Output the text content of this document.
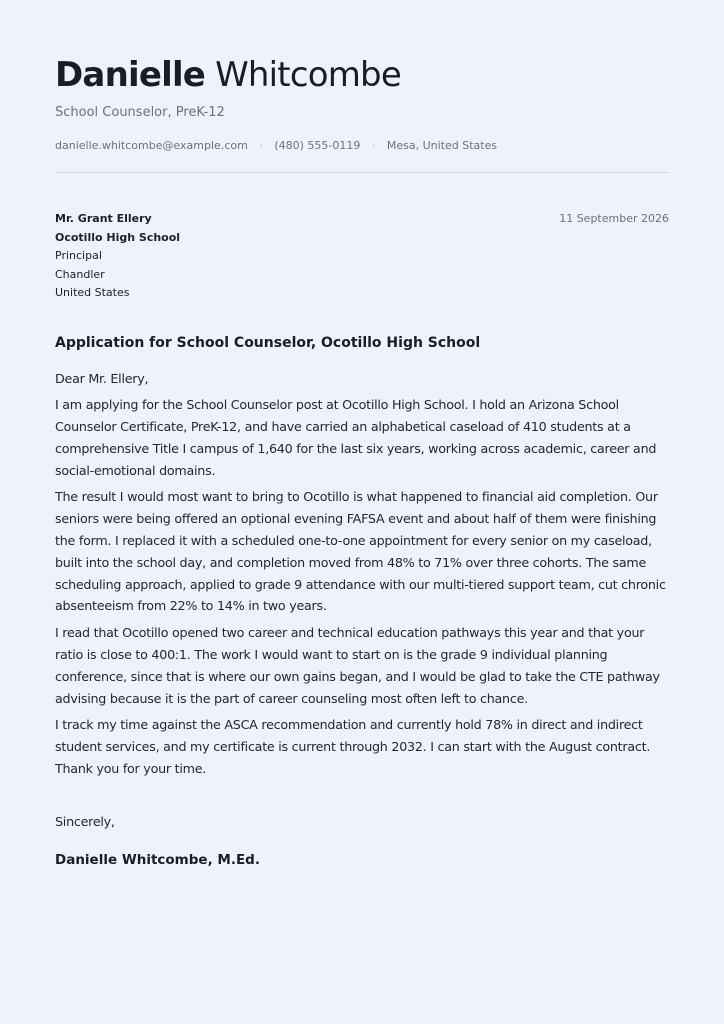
Danielle Whitcombe
School Counselor, PreK-12
danielle.whitcombe@example.com · (480) 555-0119 · Mesa, United States
Mr. Grant Ellery
Ocotillo High School
Principal
Chandler
United States
11 September 2026
Application for School Counselor, Ocotillo High School
Dear Mr. Ellery,
I am applying for the School Counselor post at Ocotillo High School. I hold an Arizona School Counselor Certificate, PreK-12, and have carried an alphabetical caseload of 410 students at a comprehensive Title I campus of 1,640 for the last six years, working across academic, career and social-emotional domains.
The result I would most want to bring to Ocotillo is what happened to financial aid completion. Our seniors were being offered an optional evening FAFSA event and about half of them were finishing the form. I replaced it with a scheduled one-to-one appointment for every senior on my caseload, built into the school day, and completion moved from 48% to 71% over three cohorts. The same scheduling approach, applied to grade 9 attendance with our multi-tiered support team, cut chronic absenteeism from 22% to 14% in two years.
I read that Ocotillo opened two career and technical education pathways this year and that your ratio is close to 400:1. The work I would want to start on is the grade 9 individual planning conference, since that is where our own gains began, and I would be glad to take the CTE pathway advising because it is the part of career counseling most often left to chance.
I track my time against the ASCA recommendation and currently hold 78% in direct and indirect student services, and my certificate is current through 2032. I can start with the August contract. Thank you for your time.
Sincerely,
Danielle Whitcombe, M.Ed.
